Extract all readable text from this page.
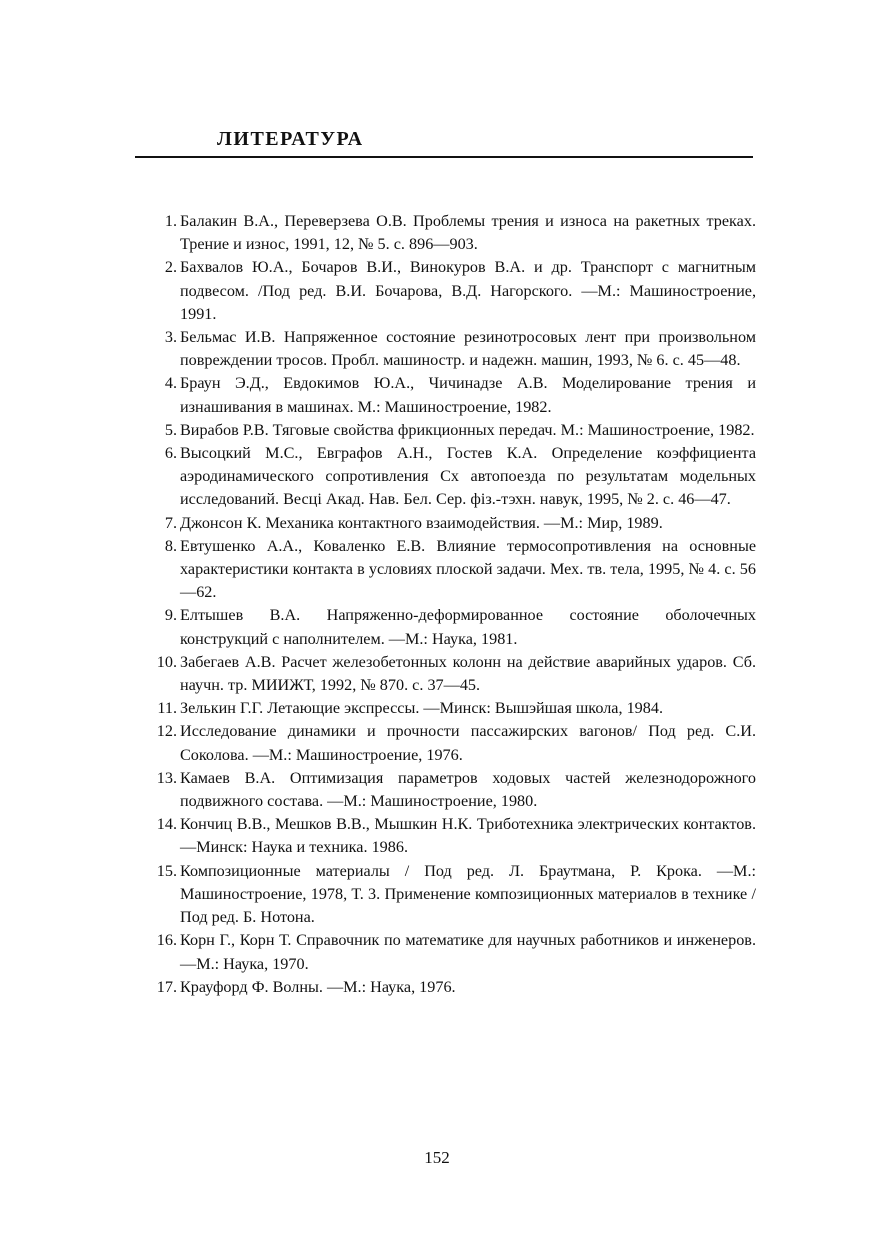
ЛИТЕРАТУРА
1. Балакин В.А., Переверзева О.В. Проблемы трения и износа на ракетных треках. Трение и износ, 1991, 12, № 5. с. 896—903.
2. Бахвалов Ю.А., Бочаров В.И., Винокуров В.А. и др. Транспорт с магнитным подвесом. /Под ред. В.И. Бочарова, В.Д. Нагорского. —М.: Машиностроение, 1991.
3. Бельмас И.В. Напряженное состояние резинотросовых лент при произвольном повреждении тросов. Пробл. машиностр. и надежн. машин, 1993, № 6. с. 45—48.
4. Браун Э.Д., Евдокимов Ю.А., Чичинадзе А.В. Моделирование трения и изнашивания в машинах. М.: Машиностроение, 1982.
5. Вирабов Р.В. Тяговые свойства фрикционных передач. М.: Машиностроение, 1982.
6. Высоцкий М.С., Евграфов А.Н., Гостев К.А. Определение коэффициента аэродинамического сопротивления Cx автопоезда по результатам модельных исследований. Весці Акад. Нав. Бел. Сер. фіз.-тэхн. навук, 1995, № 2. с. 46—47.
7. Джонсон К. Механика контактного взаимодействия. —М.: Мир, 1989.
8. Евтушенко А.А., Коваленко Е.В. Влияние термосопротивления на основные характеристики контакта в условиях плоской задачи. Мех. тв. тела, 1995, № 4. с. 56—62.
9. Елтышев В.А. Напряженно-деформированное состояние оболочечных конструкций с наполнителем. —М.: Наука, 1981.
10. Забегаев А.В. Расчет железобетонных колонн на действие аварийных ударов. Сб. научн. тр. МИИЖТ, 1992, № 870. с. 37—45.
11. Зелькин Г.Г. Летающие экспрессы. —Минск: Вышэйшая школа, 1984.
12. Исследование динамики и прочности пассажирских вагонов/ Под ред. С.И. Соколова. —М.: Машиностроение, 1976.
13. Камаев В.А. Оптимизация параметров ходовых частей железнодорожного подвижного состава. —М.: Машиностроение, 1980.
14. Кончиц В.В., Мешков В.В., Мышкин Н.К. Триботехника электрических контактов. —Минск: Наука и техника. 1986.
15. Композиционные материалы / Под ред. Л. Браутмана, Р. Крока. —М.: Машиностроение, 1978, Т. 3. Применение композиционных материалов в технике / Под ред. Б. Нотона.
16. Корн Г., Корн Т. Справочник по математике для научных работников и инженеров. —М.: Наука, 1970.
17. Крауфорд Ф. Волны. —М.: Наука, 1976.
152
